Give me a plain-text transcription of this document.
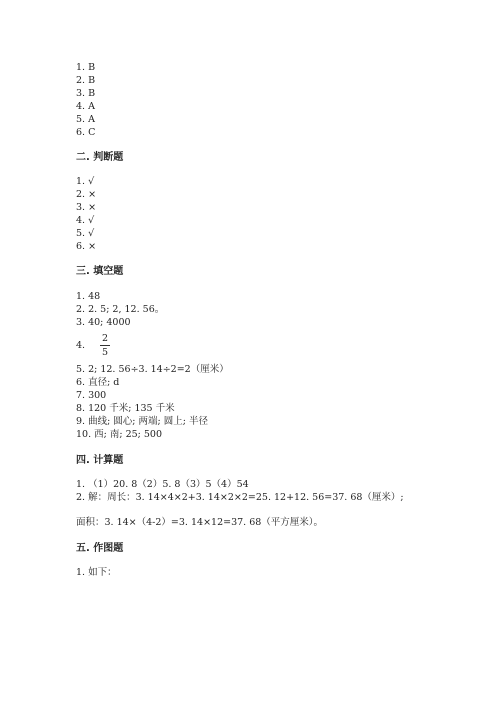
1. B
2. B
3. B
4. A
5. A
6. C
二. 判断题
1. √
2. ×
3. ×
4. √
5. √
6. ×
三. 填空题
1. 48
2. 2. 5; 2, 12. 56。
3. 40; 4000
4.
2
5
5. 2; 12. 56÷3. 14÷2=2（厘米）
6. 直径; d
7. 300
8. 120 千米; 135 千米
9. 曲线; 圆心; 两端; 圆上; 半径
10. 西; 南; 25; 500
四. 计算题
1. （1）20. 8（2）5. 8（3）5（4）54
2. 解：周长：3. 14×4×2+3. 14×2×2=25. 12+12. 56=37. 68（厘米）;
面积：3. 14×（4-2）=3. 14×12=37. 68（平方厘米）。
五. 作图题
1. 如下：
